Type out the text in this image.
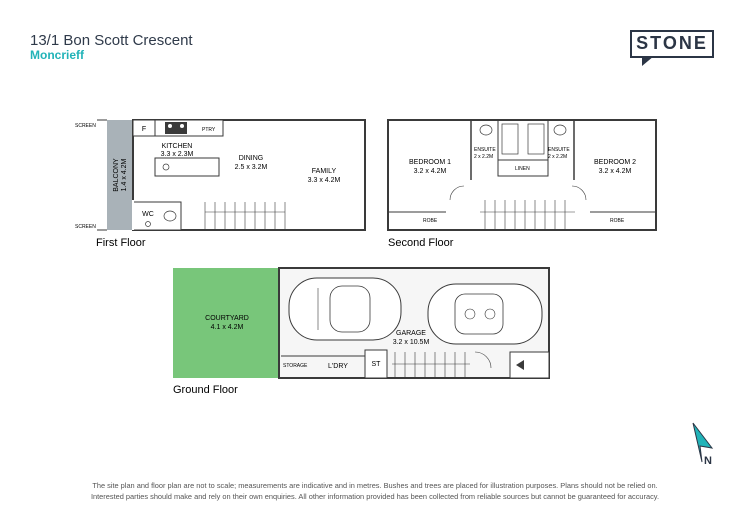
13/1 Bon Scott Crescent
Moncrieff
STONE
SCREEN
SCREEN
BALCONY 1.4 x 4.2M
F	PTRY
KITCHEN
3.3 x 2.3M
DINING
2.5 x 3.2M
FAMILY
3.3 x 4.2M
WC
BEDROOM 1
3.2 x 4.2M
BEDROOM 2
3.2 x 4.2M
ENSUITE
2 x 2.2M
ENSUITE
2 x 2.2M
LINEN
ROBE	ROBE
COURTYARD
4.1 x 4.2M
GARAGE
3.2 x 10.5M
STORAGE	L'DRY	ST
First Floor	Second Floor
Ground Floor
N
The site plan and floor plan are not to scale; measurements are indicative and in metres. Bushes and trees are placed for illustration purposes. Plans should not be relied on.
Interested parties should make and rely on their own enquiries. All other information provided has been collected from reliable sources but cannot be guaranteed for accuracy.
